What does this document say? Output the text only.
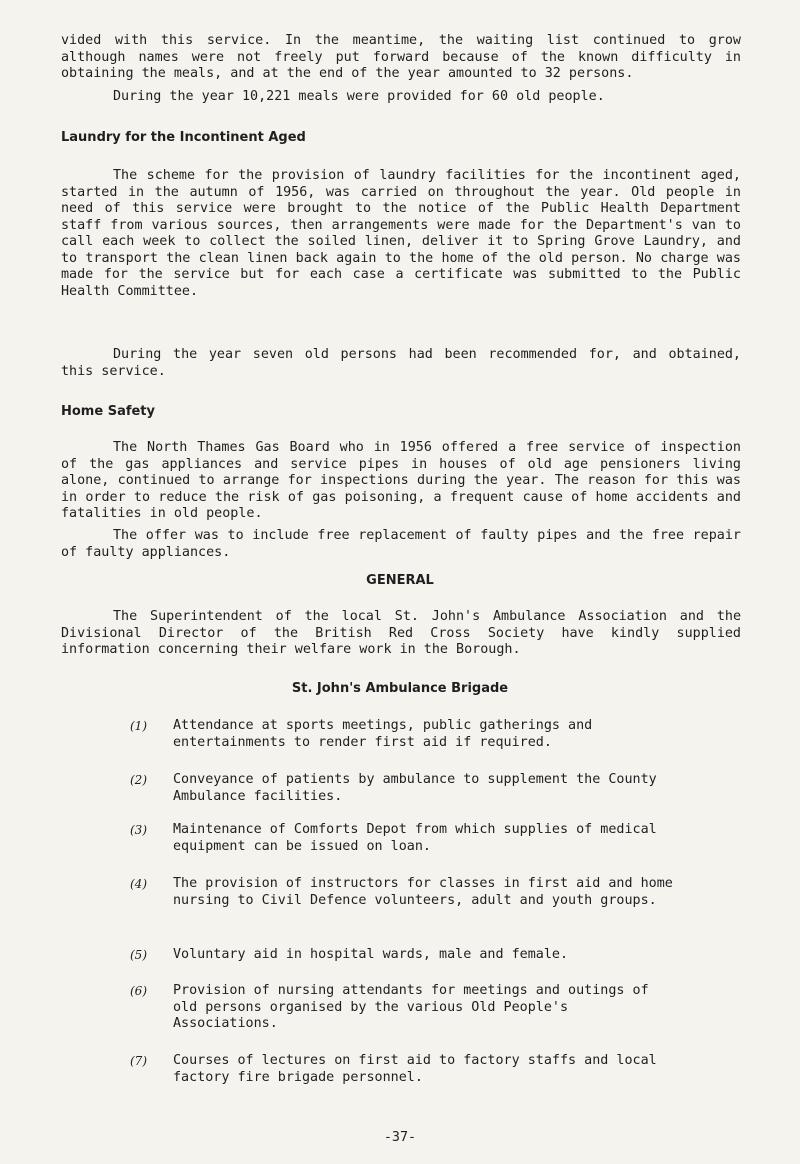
vided with this service. In the meantime, the waiting list continued to grow although names were not freely put forward because of the known difficulty in obtaining the meals, and at the end of the year amounted to 32 persons.

During the year 10,221 meals were provided for 60 old people.

Laundry for the Incontinent Aged

The scheme for the provision of laundry facilities for the incontinent aged, started in the autumn of 1956, was carried on throughout the year. Old people in need of this service were brought to the notice of the Public Health Department staff from various sources, then arrangements were made for the Department's van to call each week to collect the soiled linen, deliver it to Spring Grove Laundry, and to transport the clean linen back again to the home of the old person. No charge was made for the service but for each case a certificate was submitted to the Public Health Committee.

During the year seven old persons had been recommended for, and obtained, this service.

Home Safety

The North Thames Gas Board who in 1956 offered a free service of inspection of the gas appliances and service pipes in houses of old age pensioners living alone, continued to arrange for inspections during the year. The reason for this was in order to reduce the risk of gas poisoning, a frequent cause of home accidents and fatalities in old people.

The offer was to include free replacement of faulty pipes and the free repair of faulty appliances.

GENERAL

The Superintendent of the local St. John's Ambulance Association and the Divisional Director of the British Red Cross Society have kindly supplied information concerning their welfare work in the Borough.

St. John's Ambulance Brigade

(1) Attendance at sports meetings, public gatherings and entertainments to render first aid if required.

(2) Conveyance of patients by ambulance to supplement the County Ambulance facilities.

(3) Maintenance of Comforts Depot from which supplies of medical equipment can be issued on loan.

(4) The provision of instructors for classes in first aid and home nursing to Civil Defence volunteers, adult and youth groups.

(5) Voluntary aid in hospital wards, male and female.

(6) Provision of nursing attendants for meetings and outings of old persons organised by the various Old People's Associations.

(7) Courses of lectures on first aid to factory staffs and local factory fire brigade personnel.

-37-
